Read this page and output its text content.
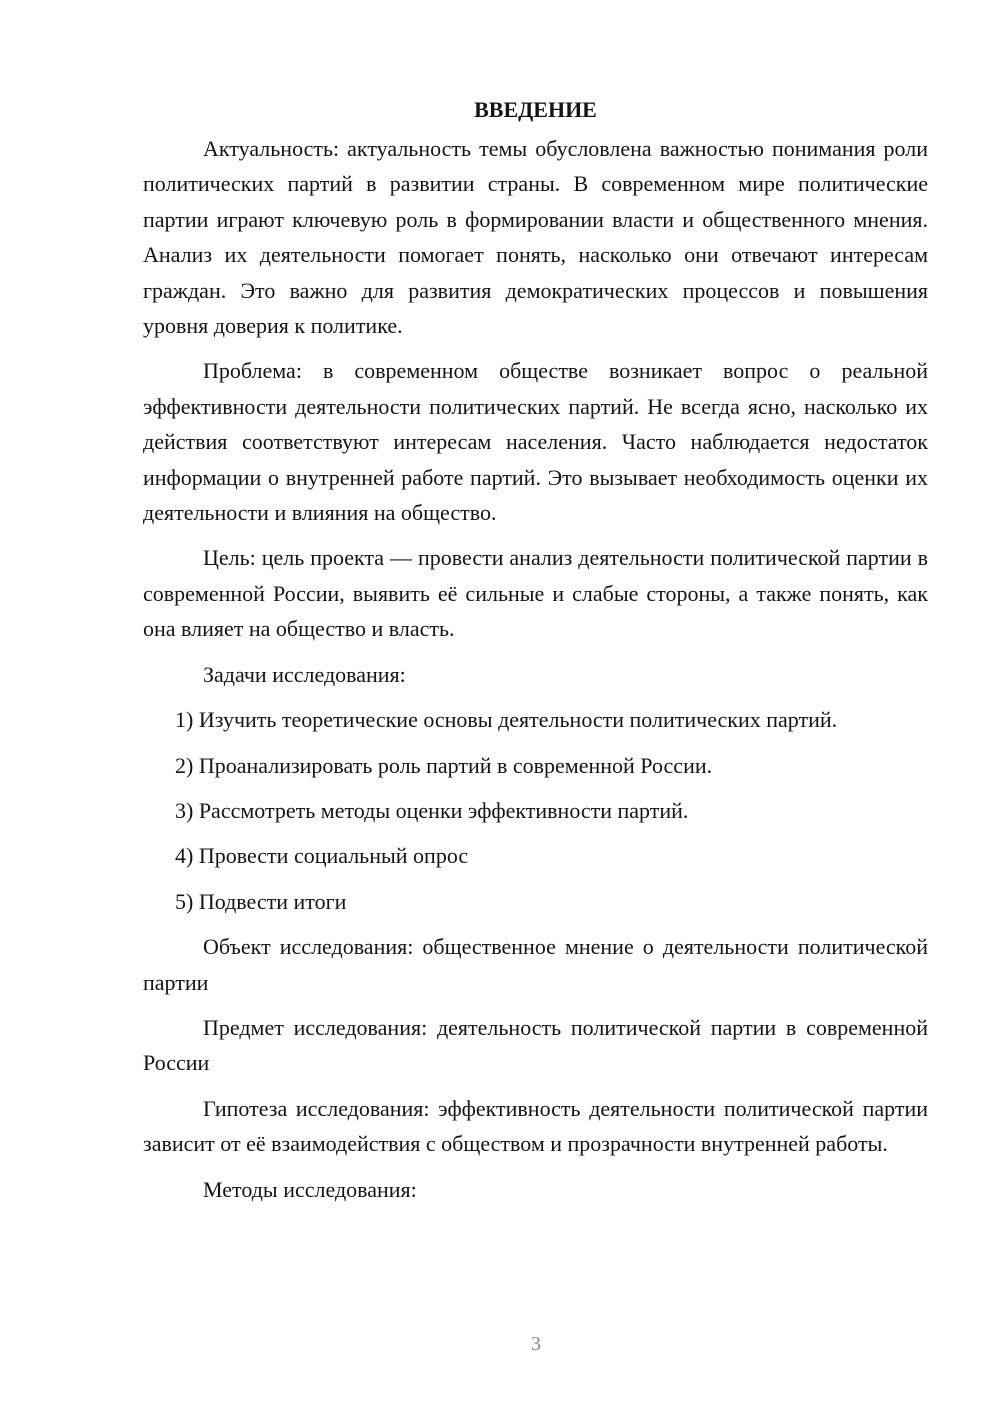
ВВЕДЕНИЕ

Актуальность: актуальность темы обусловлена важностью понимания роли политических партий в развитии страны. В современном мире политические партии играют ключевую роль в формировании власти и общественного мнения. Анализ их деятельности помогает понять, насколько они отвечают интересам граждан. Это важно для развития демократических процессов и повышения уровня доверия к политике.

Проблема: в современном обществе возникает вопрос о реальной эффективности деятельности политических партий. Не всегда ясно, насколько их действия соответствуют интересам населения. Часто наблюдается недостаток информации о внутренней работе партий. Это вызывает необходимость оценки их деятельности и влияния на общество.

Цель: цель проекта — провести анализ деятельности политической партии в современной России, выявить её сильные и слабые стороны, а также понять, как она влияет на общество и власть.

Задачи исследования:

1) Изучить теоретические основы деятельности политических партий.
2) Проанализировать роль партий в современной России.
3) Рассмотреть методы оценки эффективности партий.
4) Провести социальный опрос
5) Подвести итоги

Объект исследования: общественное мнение о деятельности политической партии

Предмет исследования: деятельность политической партии в современной России

Гипотеза исследования: эффективность деятельности политической партии зависит от её взаимодействия с обществом и прозрачности внутренней работы.

Методы исследования:

3
